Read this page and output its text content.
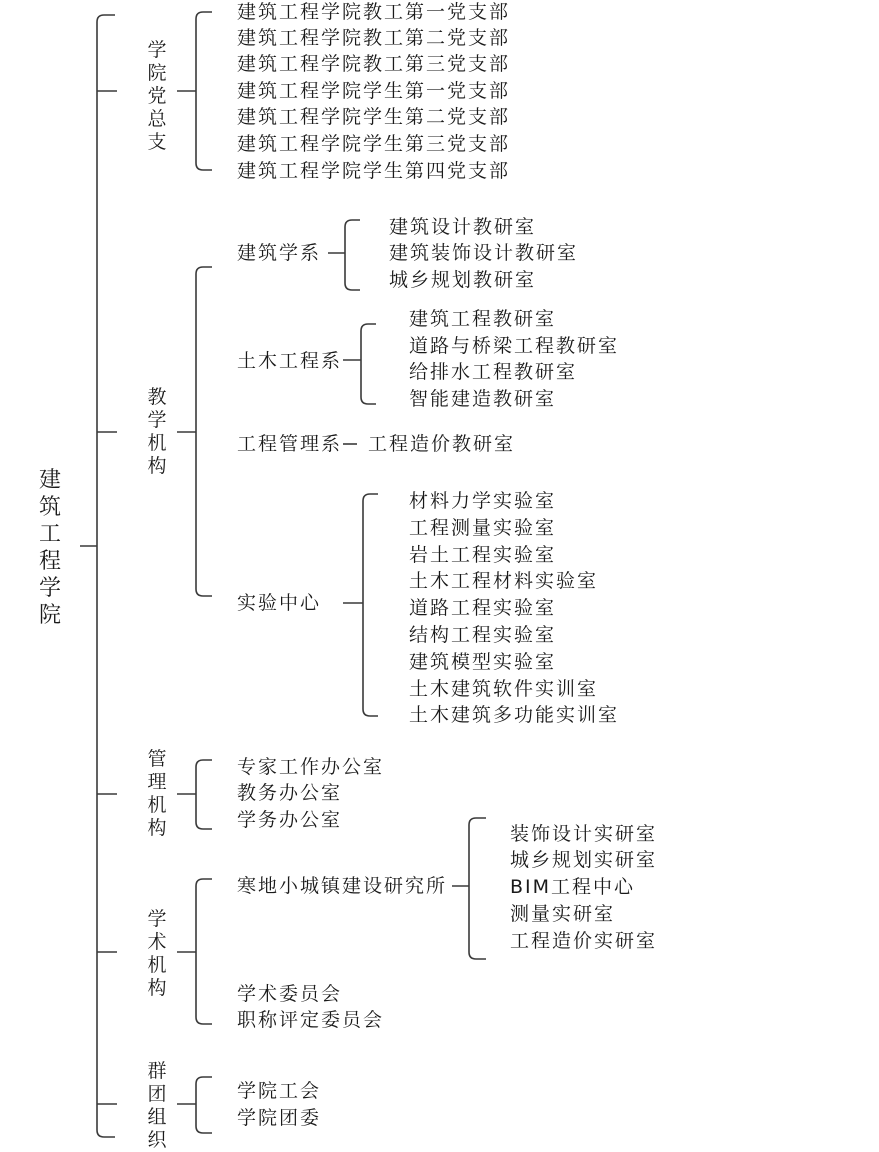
建筑工程学院
学院党总支
建筑工程学院教工第一党支部
建筑工程学院教工第二党支部
建筑工程学院教工第三党支部
建筑工程学院学生第一党支部
建筑工程学院学生第二党支部
建筑工程学院学生第三党支部
建筑工程学院学生第四党支部
教学机构
建筑学系
建筑设计教研室
建筑装饰设计教研室
城乡规划教研室
土木工程系
建筑工程教研室
道路与桥梁工程教研室
给排水工程教研室
智能建造教研室
工程管理系 工程造价教研室
实验中心
材料力学实验室
工程测量实验室
岩土工程实验室
土木工程材料实验室
道路工程实验室
结构工程实验室
建筑模型实验室
土木建筑软件实训室
土木建筑多功能实训室
管理机构
专家工作办公室
教务办公室
学务办公室
学术机构
寒地小城镇建设研究所
装饰设计实研室
城乡规划实研室
BIM工程中心
测量实研室
工程造价实研室
学术委员会
职称评定委员会
群团组织
学院工会
学院团委
